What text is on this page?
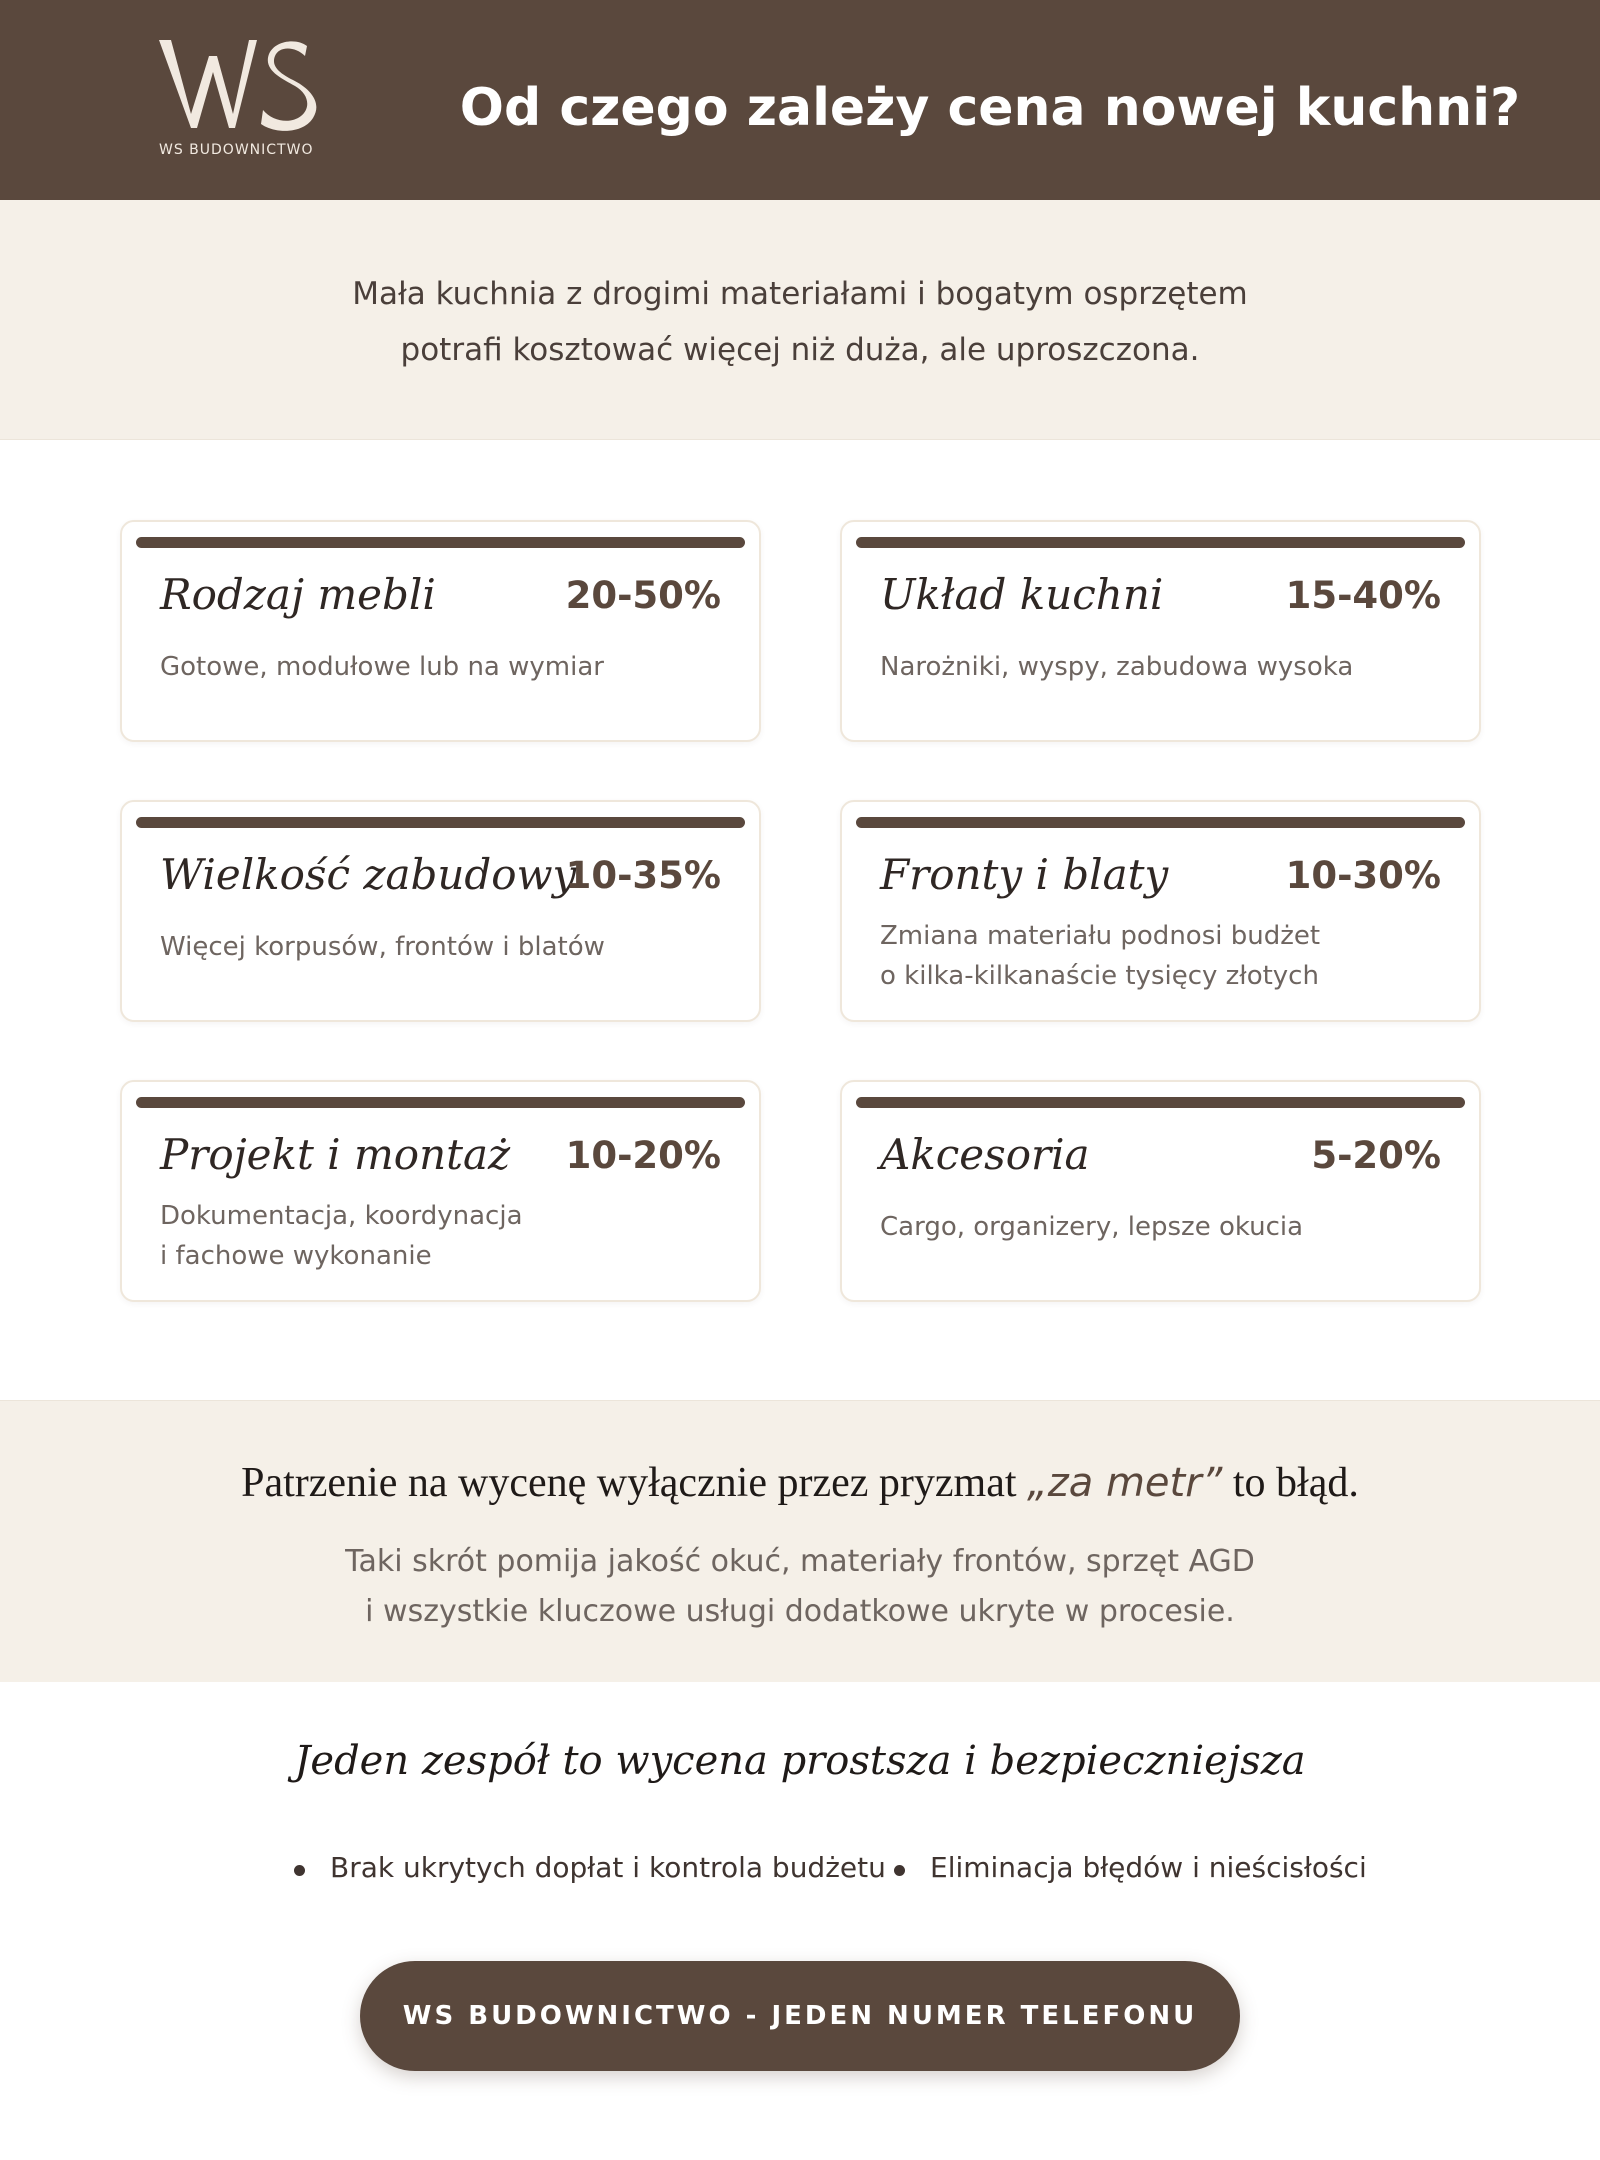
WS BUDOWNICTWO
Od czego zależy cena nowej kuchni?
Mała kuchnia z drogimi materiałami i bogatym osprzętem
potrafi kosztować więcej niż duża, ale uproszczona.
Rodzaj mebli	20-50%
Gotowe, modułowe lub na wymiar
Układ kuchni	15-40%
Narożniki, wyspy, zabudowa wysoka
Wielkość zabudowy
10-35%
Więcej korpusów, frontów i blatów
Fronty i blaty	10-30%
Zmiana materiału podnosi budżet
o kilka-kilkanaście tysięcy złotych
Projekt i montaż	10-20%
Dokumentacja, koordynacja
i fachowe wykonanie
Akcesoria	5-20%
Cargo, organizery, lepsze okucia
Patrzenie na wycenę wyłącznie przez pryzmat „za metr” to błąd.
Taki skrót pomija jakość okuć, materiały frontów, sprzęt AGD
i wszystkie kluczowe usługi dodatkowe ukryte w procesie.
Jeden zespół to wycena prostsza i bezpieczniejsza
Brak ukrytych dopłat i kontrola budżetu Eliminacja błędów i nieścisłości
WS BUDOWNICTWO - JEDEN NUMER TELEFONU
